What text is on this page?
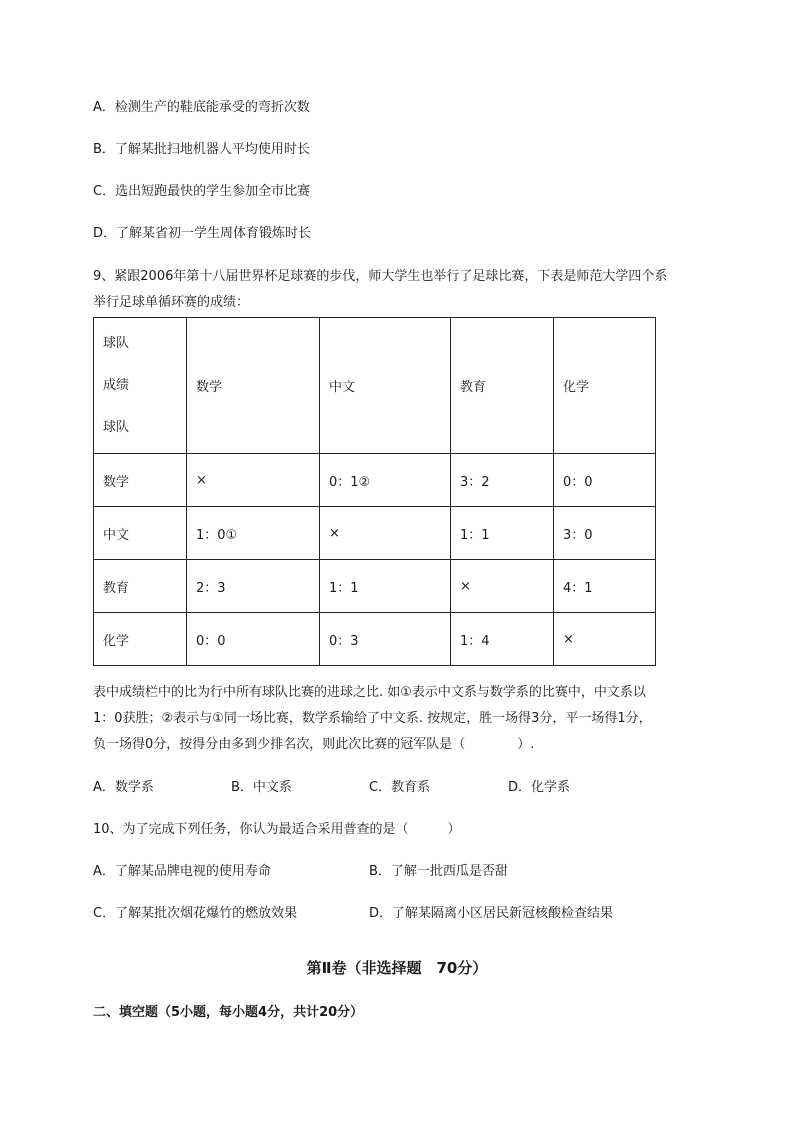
A．检测生产的鞋底能承受的弯折次数
B．了解某批扫地机器人平均使用时长
C．选出短跑最快的学生参加全市比赛
D．了解某省初一学生周体育锻炼时长
9、紧跟2006年第十八届世界杯足球赛的步伐，师大学生也举行了足球比赛，下表是师范大学四个系
举行足球单循环赛的成绩：
球队
成绩
球队	数学	中文	教育	化学
数学	×	0：1②	3：2	0：0
中文	1：0①	×	1：1	3：0
教育	2：3	1：1	×	4：1
化学	0：0	0：3	1：4	×
表中成绩栏中的比为行中所有球队比赛的进球之比. 如①表示中文系与数学系的比赛中，中文系以
1：0获胜；②表示与①同一场比赛，数学系输给了中文系. 按规定，胜一场得3分，平一场得1分，
负一场得0分，按得分由多到少排名次，则此次比赛的冠军队是（　　　　）.
A．数学系	B．中文系	C．教育系	D．化学系
10、为了完成下列任务，你认为最适合采用普查的是（　　　）
A．了解某品牌电视的使用寿命	B．了解一批西瓜是否甜
C．了解某批次烟花爆竹的燃放效果	D．了解某隔离小区居民新冠核酸检查结果
第Ⅱ卷（非选择题　70分）
二、填空题（5小题，每小题4分，共计20分）
